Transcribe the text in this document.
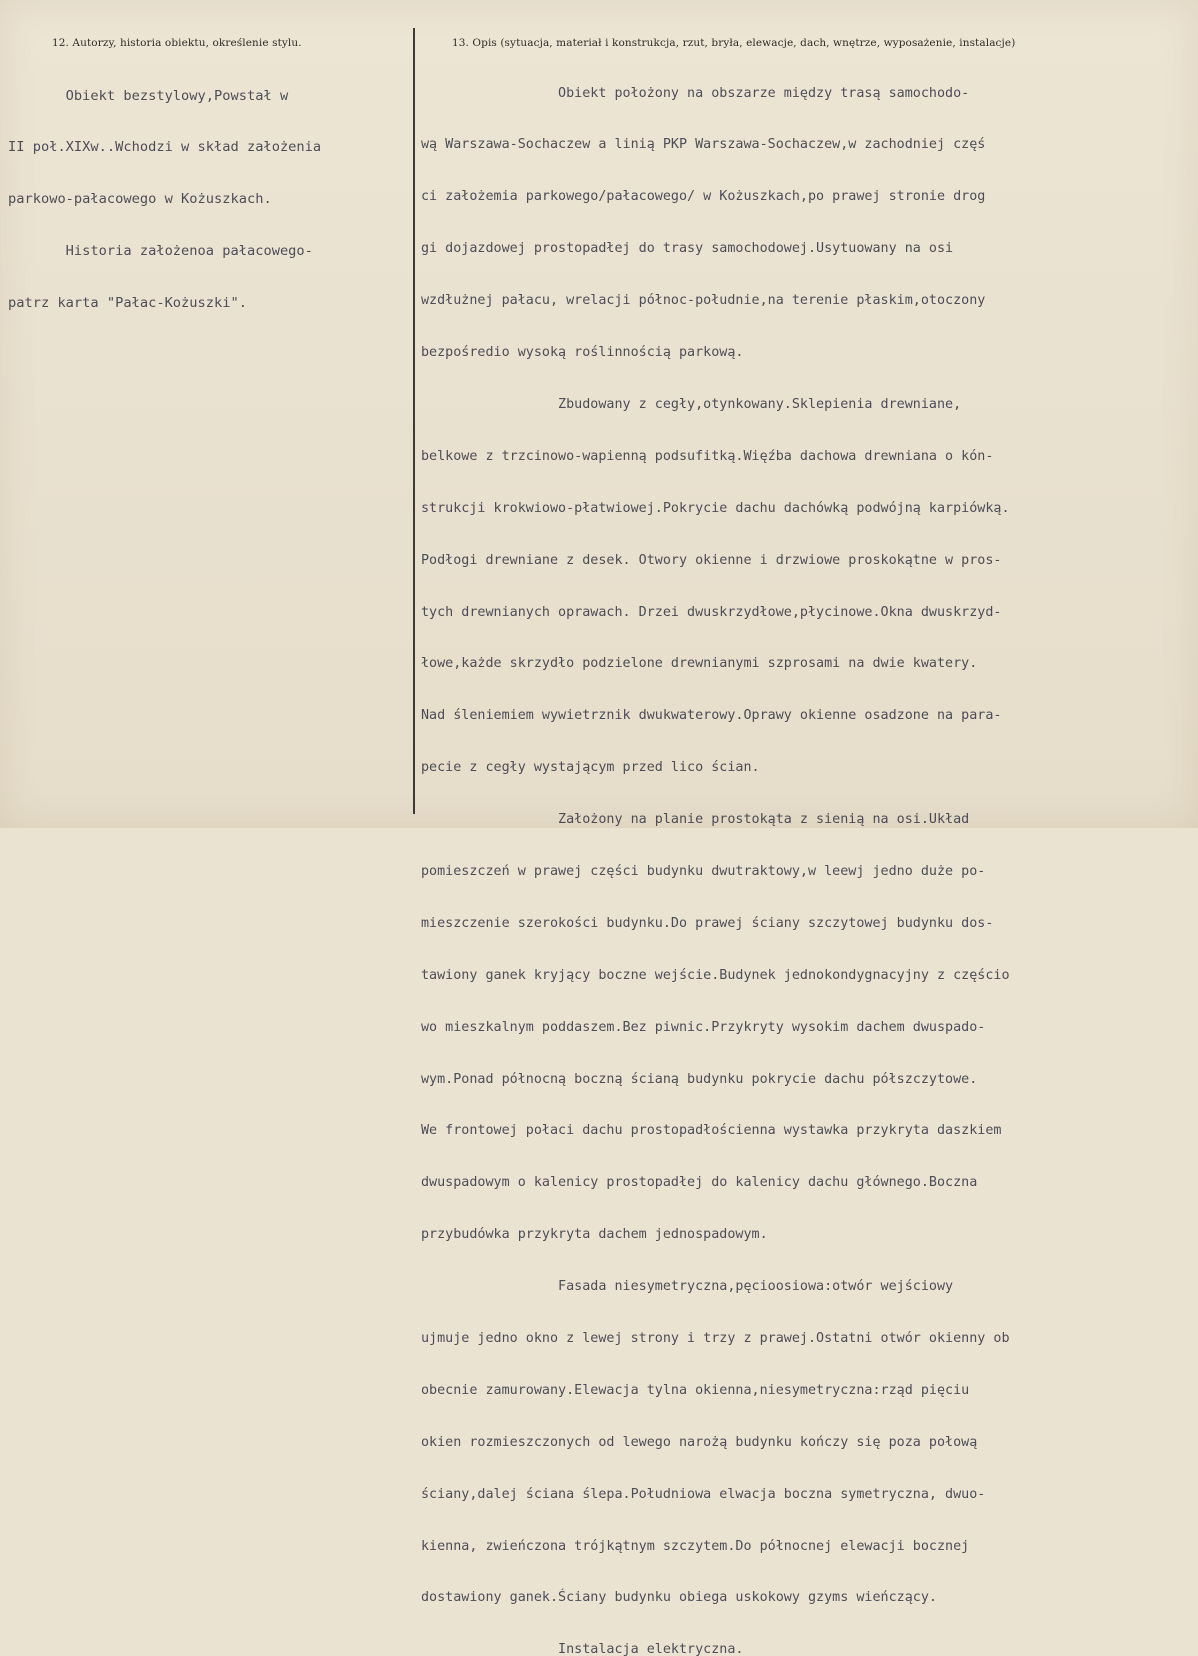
12. Autorzy, historia obiektu, określenie stylu.	13. Opis (sytuacja, materiał i konstrukcja, rzut, bryła, elewacje, dach, wnętrze, wyposażenie, instalacje)

Obiekt bezstylowy,Powstał w

II poł.XIXw..Wchodzi w skład założenia

parkowo-pałacowego w Kożuszkach.

Historia założenoa pałacowego-

patrz karta "Pałac-Kożuszki".

Obiekt położony na obszarze między trasą samochodo-

wą Warszawa-Sochaczew a linią PKP Warszawa-Sochaczew,w zachodniej częś

ci założemia parkowego/pałacowego/ w Kożuszkach,po prawej stronie drog

gi dojazdowej prostopadłej do trasy samochodowej.Usytuowany na osi

wzdłużnej pałacu, wrelacji północ-południe,na terenie płaskim,otoczony

bezpośredio wysoką roślinnością parkową.

Zbudowany z cegły,otynkowany.Sklepienia drewniane,

belkowe z trzcinowo-wapienną podsufitką.Więźba dachowa drewniana o kón-

strukcji krokwiowo-płatwiowej.Pokrycie dachu dachówką podwójną karpiówką.

Podłogi drewniane z desek. Otwory okienne i drzwiowe proskokątne w pros-

tych drewnianych oprawach. Drzei dwuskrzydłowe,płycinowe.Okna dwuskrzyd-

łowe,każde skrzydło podzielone drewnianymi szprosami na dwie kwatery.

Nad śleniemiem wywietrznik dwukwaterowy.Oprawy okienne osadzone na para-

pecie z cegły wystającym przed lico ścian.

Założony na planie prostokąta z sienią na osi.Układ

pomieszczeń w prawej części budynku dwutraktowy,w leewj jedno duże po-

mieszczenie szerokości budynku.Do prawej ściany szczytowej budynku dos-

tawiony ganek kryjący boczne wejście.Budynek jednokondygnacyjny z częścio

wo mieszkalnym poddaszem.Bez piwnic.Przykryty wysokim dachem dwuspado-

wym.Ponad północną boczną ścianą budynku pokrycie dachu półszczytowe.

We frontowej połaci dachu prostopadłościenna wystawka przykryta daszkiem

dwuspadowym o kalenicy prostopadłej do kalenicy dachu głównego.Boczna

przybudówka przykryta dachem jednospadowym.

Fasada niesymetryczna,pęcioosiowa:otwór wejściowy

ujmuje jedno okno z lewej strony i trzy z prawej.Ostatni otwór okienny ob

obecnie zamurowany.Elewacja tylna okienna,niesymetryczna:rząd pięciu

okien rozmieszczonych od lewego narożą budynku kończy się poza połową

ściany,dalej ściana ślepa.Południowa elwacja boczna symetryczna, dwuo-

kienna, zwieńczona trójkątnym szczytem.Do północnej elewacji bocznej

dostawiony ganek.Ściany budynku obiega uskokowy gzyms wieńczący.

Instalacja elektryczna.
